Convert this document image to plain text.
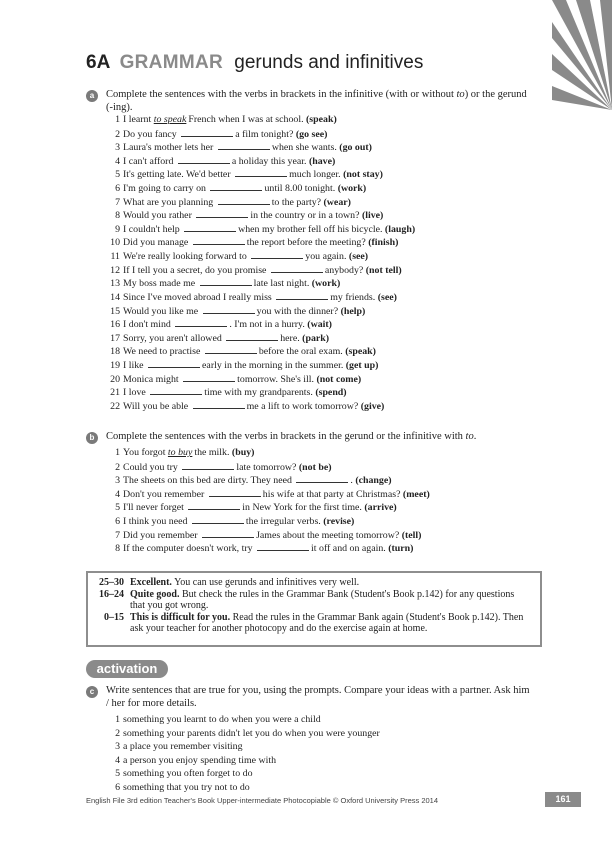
6A GRAMMAR gerunds and infinitives
a	Complete the sentences with the verbs in brackets in the infinitive (with or without to) or the gerund (-ing).
1 I learnt to speak French when I was at school. (speak)
2 Do you fancy	a film tonight? (go see)
3 Laura's mother lets her	when she wants. (go out)
4 I can't afford	a holiday this year. (have)
5 It's getting late. We'd better	much longer. (not stay)
6 I'm going to carry on	until 8.00 tonight. (work)
7 What are you planning	to the party? (wear)
8 Would you rather	in the country or in a town? (live)
9 I couldn't help	when my brother fell off his bicycle. (laugh)
10 Did you manage	the report before the meeting? (finish)
11 We're really looking forward to	you again. (see)
12 If I tell you a secret, do you promise	anybody? (not tell)
13 My boss made me	late last night. (work)
14 Since I've moved abroad I really miss	my friends. (see)
15 Would you like me	you with the dinner? (help)
16 I don't mind	. I'm not in a hurry. (wait)
17 Sorry, you aren't allowed	here. (park)
18 We need to practise	before the oral exam. (speak)
19 I like	early in the morning in the summer. (get up)
20 Monica might	tomorrow. She's ill. (not come)
21 I love	time with my grandparents. (spend)
22 Will you be able	me a lift to work tomorrow? (give)
b	Complete the sentences with the verbs in brackets in the gerund or the infinitive with to.
1 You forgot to buy the milk. (buy)
2 Could you try	late tomorrow? (not be)
3 The sheets on this bed are dirty. They need	. (change)
4 Don't you remember	his wife at that party at Christmas? (meet)
5 I'll never forget	in New York for the first time. (arrive)
6 I think you need	the irregular verbs. (revise)
7 Did you remember	James about the meeting tomorrow? (tell)
8 If the computer doesn't work, try	it off and on again. (turn)
25–30 Excellent. You can use gerunds and infinitives very well.
16–24 Quite good. But check the rules in the Grammar Bank (Student's Book p.142) for any questions that you got wrong.
0–15 This is difficult for you. Read the rules in the Grammar Bank again (Student's Book p.142). Then ask your teacher for another photocopy and do the exercise again at home.
activation
c	Write sentences that are true for you, using the prompts. Compare your ideas with a partner. Ask him / her for more details.
1 something you learnt to do when you were a child
2 something your parents didn't let you do when you were younger
3 a place you remember visiting
4 a person you enjoy spending time with
5 something you often forget to do
6 something that you try not to do
English File 3rd edition Teacher's Book Upper-intermediate Photocopiable © Oxford University Press 2014	161
